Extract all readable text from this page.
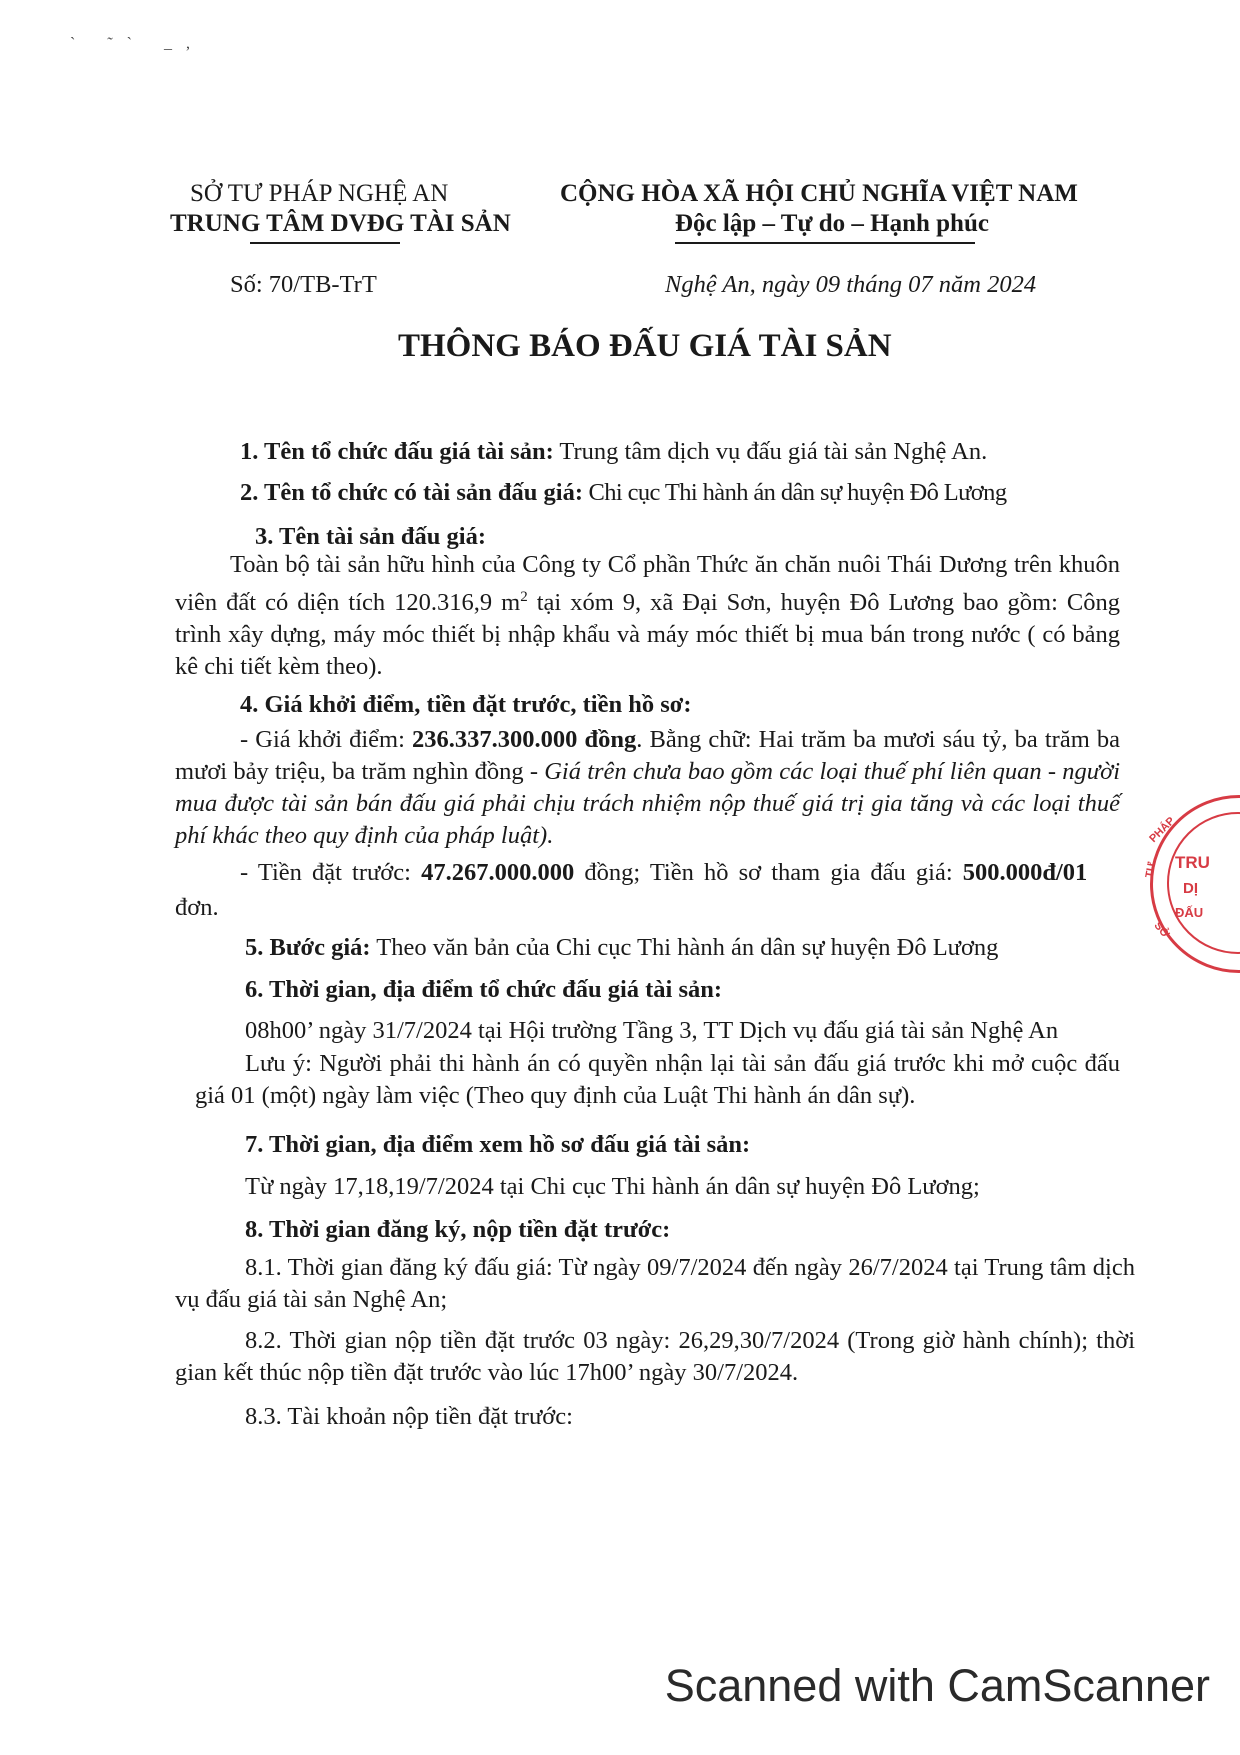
` ˜` _,
SỞ TƯ PHÁP NGHỆ AN
TRUNG TÂM DVĐG TÀI SẢN
CỘNG HÒA XÃ HỘI CHỦ NGHĨA VIỆT NAM
Độc lập – Tự do – Hạnh phúc
Số: 70/TB-TrT	Nghệ An, ngày 09 tháng 07 năm 2024
THÔNG BÁO ĐẤU GIÁ TÀI SẢN
1. Tên tổ chức đấu giá tài sản: Trung tâm dịch vụ đấu giá tài sản Nghệ An.
2. Tên tổ chức có tài sản đấu giá: Chi cục Thi hành án dân sự huyện Đô Lương
3. Tên tài sản đấu giá:
Toàn bộ tài sản hữu hình của Công ty Cổ phần Thức ăn chăn nuôi Thái Dương trên khuôn viên đất có diện tích 120.316,9 $m^2$ tại xóm 9, xã Đại Sơn, huyện Đô Lương bao gồm: Công trình xây dựng, máy móc thiết bị nhập khẩu và máy móc thiết bị mua bán trong nước ( có bảng kê chi tiết kèm theo).
4. Giá khởi điểm, tiền đặt trước, tiền hồ sơ:
- Giá khởi điểm: 236.337.300.000 đồng. Bằng chữ: Hai trăm ba mươi sáu tỷ, ba trăm ba mươi bảy triệu, ba trăm nghìn đồng - Giá trên chưa bao gồm các loại thuế phí liên quan - người mua được tài sản bán đấu giá phải chịu trách nhiệm nộp thuế giá trị gia tăng và các loại thuế phí khác theo quy định của pháp luật).
- Tiền đặt trước: 47.267.000.000 đồng; Tiền hồ sơ tham gia đấu giá: 500.000đ/01
đơn.
5. Bước giá: Theo văn bản của Chi cục Thi hành án dân sự huyện Đô Lương
6. Thời gian, địa điểm tổ chức đấu giá tài sản:
08h00’ ngày 31/7/2024 tại Hội trường Tầng 3, TT Dịch vụ đấu giá tài sản Nghệ An
Lưu ý: Người phải thi hành án có quyền nhận lại tài sản đấu giá trước khi mở cuộc đấu giá 01 (một) ngày làm việc (Theo quy định của Luật Thi hành án dân sự).
7. Thời gian, địa điểm xem hồ sơ đấu giá tài sản:
Từ ngày 17,18,19/7/2024 tại Chi cục Thi hành án dân sự huyện Đô Lương;
8. Thời gian đăng ký, nộp tiền đặt trước:
8.1. Thời gian đăng ký đấu giá: Từ ngày 09/7/2024 đến ngày 26/7/2024 tại Trung tâm dịch vụ đấu giá tài sản Nghệ An;
8.2. Thời gian nộp tiền đặt trước 03 ngày: 26,29,30/7/2024 (Trong giờ hành chính); thời gian kết thúc nộp tiền đặt trước vào lúc 17h00’ ngày 30/7/2024.
8.3. Tài khoản nộp tiền đặt trước:
TRU
DỊ
ĐẤU
PHÁP
TƯ
SỞ
Scanned with CamScanner
